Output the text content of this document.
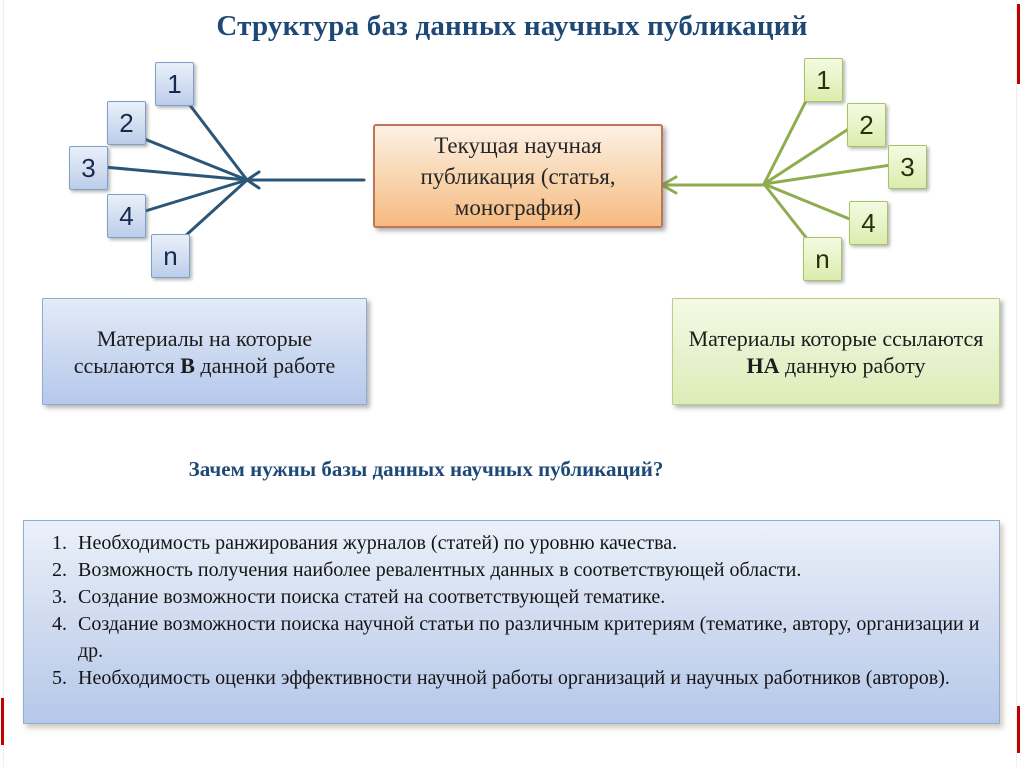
Структура баз данных научных публикаций
1
2
3
4
n
1
2
3
4
n
Текущая научная публикация (статья, монография)
Материалы на которые ссылаются В данной работе
Материалы которые ссылаются НА данную работу
Зачем нужны базы данных научных публикаций?
1. Необходимость ранжирования журналов (статей) по уровню качества.
2. Возможность получения наиболее ревалентных данных в соответствующей области.
3. Создание возможности поиска статей на соответствующей тематике.
4. Создание возможности поиска научной статьи по различным критериям (тематике, автору, организации и др.
5. Необходимость оценки эффективности научной работы организаций и научных работников (авторов).
